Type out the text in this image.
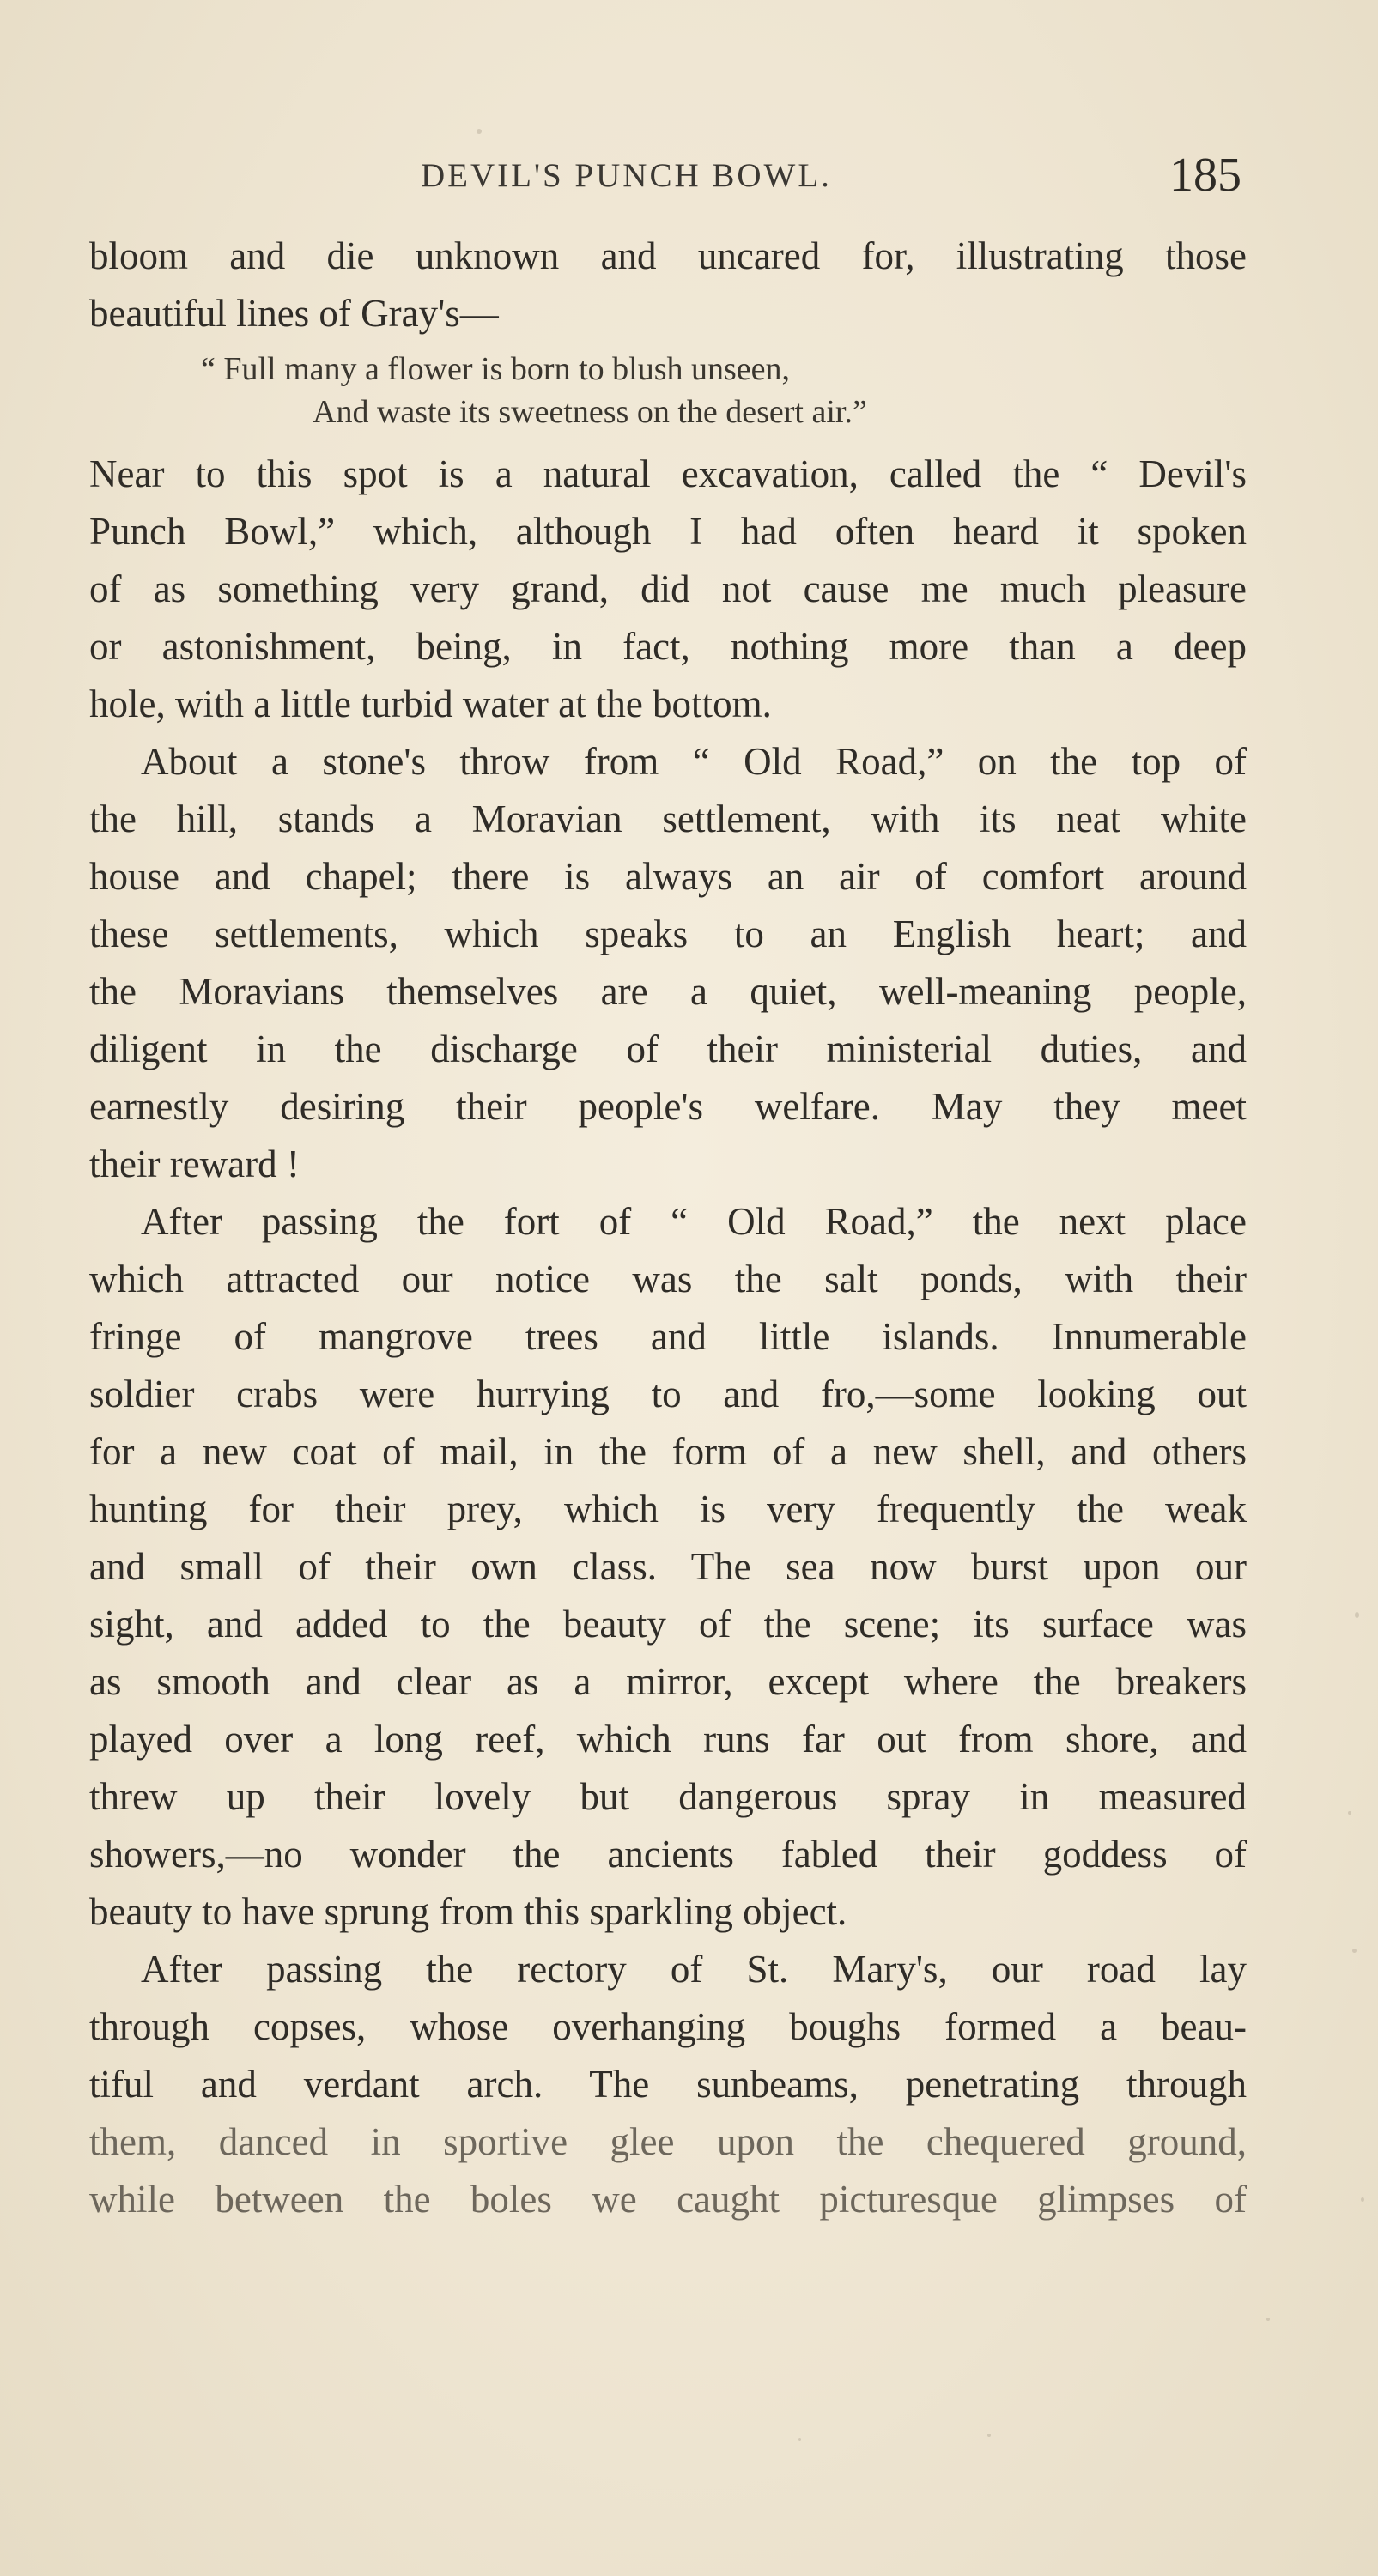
DEVIL'S PUNCH BOWL.	185
bloom and die unknown and uncared for, illustrating those
beautiful lines of Gray's—
“ Full many a flower is born to blush unseen,
And waste its sweetness on the desert air.”
Near to this spot is a natural excavation, called the “ Devil's
Punch Bowl,” which, although I had often heard it spoken
of as something very grand, did not cause me much pleasure
or astonishment, being, in fact, nothing more than a deep
hole, with a little turbid water at the bottom.
About a stone's throw from “ Old Road,” on the top of
the hill, stands a Moravian settlement, with its neat white
house and chapel; there is always an air of comfort around
these settlements, which speaks to an English heart; and
the Moravians themselves are a quiet, well-meaning people,
diligent in the discharge of their ministerial duties, and
earnestly desiring their people's welfare. May they meet
their reward !
After passing the fort of “ Old Road,” the next place
which attracted our notice was the salt ponds, with their
fringe of mangrove trees and little islands. Innumerable
soldier crabs were hurrying to and fro,—some looking out
for a new coat of mail, in the form of a new shell, and others
hunting for their prey, which is very frequently the weak
and small of their own class. The sea now burst upon our
sight, and added to the beauty of the scene; its surface was
as smooth and clear as a mirror, except where the breakers
played over a long reef, which runs far out from shore, and
threw up their lovely but dangerous spray in measured
showers,—no wonder the ancients fabled their goddess of
beauty to have sprung from this sparkling object.
After passing the rectory of St. Mary's, our road lay
through copses, whose overhanging boughs formed a beau-
tiful and verdant arch. The sunbeams, penetrating through
them, danced in sportive glee upon the chequered ground,
while between the boles we caught picturesque glimpses of
